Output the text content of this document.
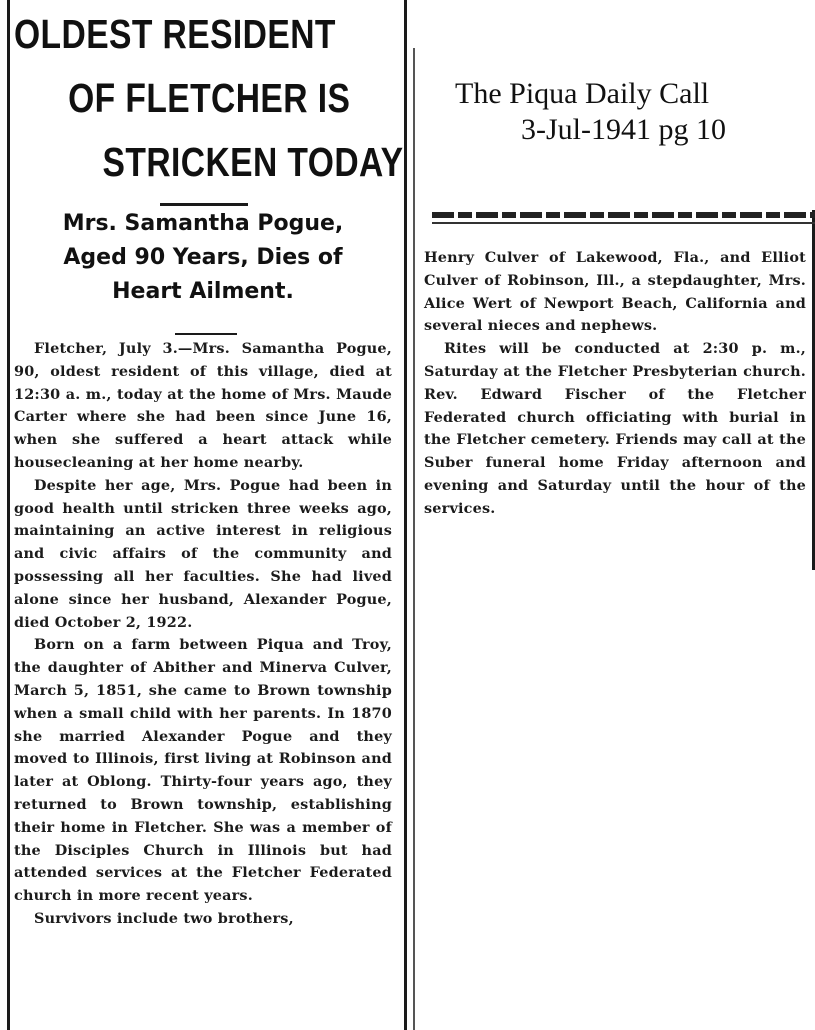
OLDEST RESIDENT
OF FLETCHER IS
STRICKEN TODAY
Mrs. Samantha Pogue,
Aged 90 Years, Dies of
Heart Ailment.

Fletcher, July 3.—Mrs. Samantha Pogue, 90, oldest resident of this village, died at 12:30 a. m., today at the home of Mrs. Maude Carter where she had been since June 16, when she suffered a heart attack while housecleaning at her home nearby.

Despite her age, Mrs. Pogue had been in good health until stricken three weeks ago, maintaining an active interest in religious and civic affairs of the community and possessing all her faculties. She had lived alone since her husband, Alexander Pogue, died October 2, 1922.

Born on a farm between Piqua and Troy, the daughter of Abither and Minerva Culver, March 5, 1851, she came to Brown township when a small child with her parents. In 1870 she married Alexander Pogue and they moved to Illinois, first living at Robinson and later at Oblong. Thirty-four years ago, they returned to Brown township, establishing their home in Fletcher. She was a member of the Disciples Church in Illinois but had attended services at the Fletcher Federated church in more recent years.

Survivors include two brothers,

The Piqua Daily Call
3-Jul-1941 pg 10

Henry Culver of Lakewood, Fla., and Elliot Culver of Robinson, Ill., a stepdaughter, Mrs. Alice Wert of Newport Beach, California and several nieces and nephews.

Rites will be conducted at 2:30 p. m., Saturday at the Fletcher Presbyterian church. Rev. Edward Fischer of the Fletcher Federated church officiating with burial in the Fletcher cemetery. Friends may call at the Suber funeral home Friday afternoon and evening and Saturday until the hour of the services.
